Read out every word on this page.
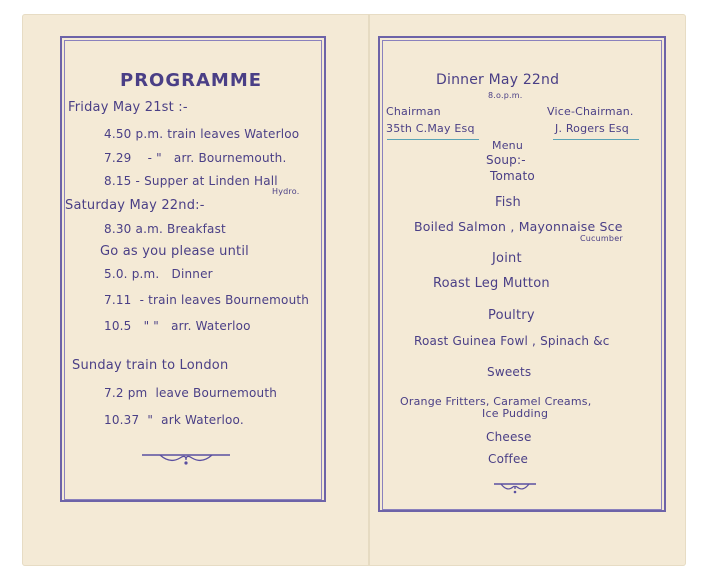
PROGRAMME
Friday May 21st :-
4.50 p.m. train leaves Waterloo
7.29 - " arr. Bournemouth.
8.15 - Supper at Linden Hall
Hydro.
Saturday May 22nd:-
8.30 a.m. Breakfast
Go as you please until
5.0. p.m. Dinner
7.11 - train leaves Bournemouth
10.5 " " arr. Waterloo
Sunday train to London
7.2 pm leave Bournemouth
10.37 " ark Waterloo.
Dinner May 22nd
8.o.p.m.
Chairman
35th C.May Esq
Vice-Chairman.
J. Rogers Esq
Menu
Soup:-
Tomato
Fish
Boiled Salmon , Mayonnaise Sce
Cucumber
Joint
Roast Leg Mutton
Poultry
Roast Guinea Fowl , Spinach &c
Sweets
Orange Fritters, Caramel Creams,
Ice Pudding
Cheese
Coffee
